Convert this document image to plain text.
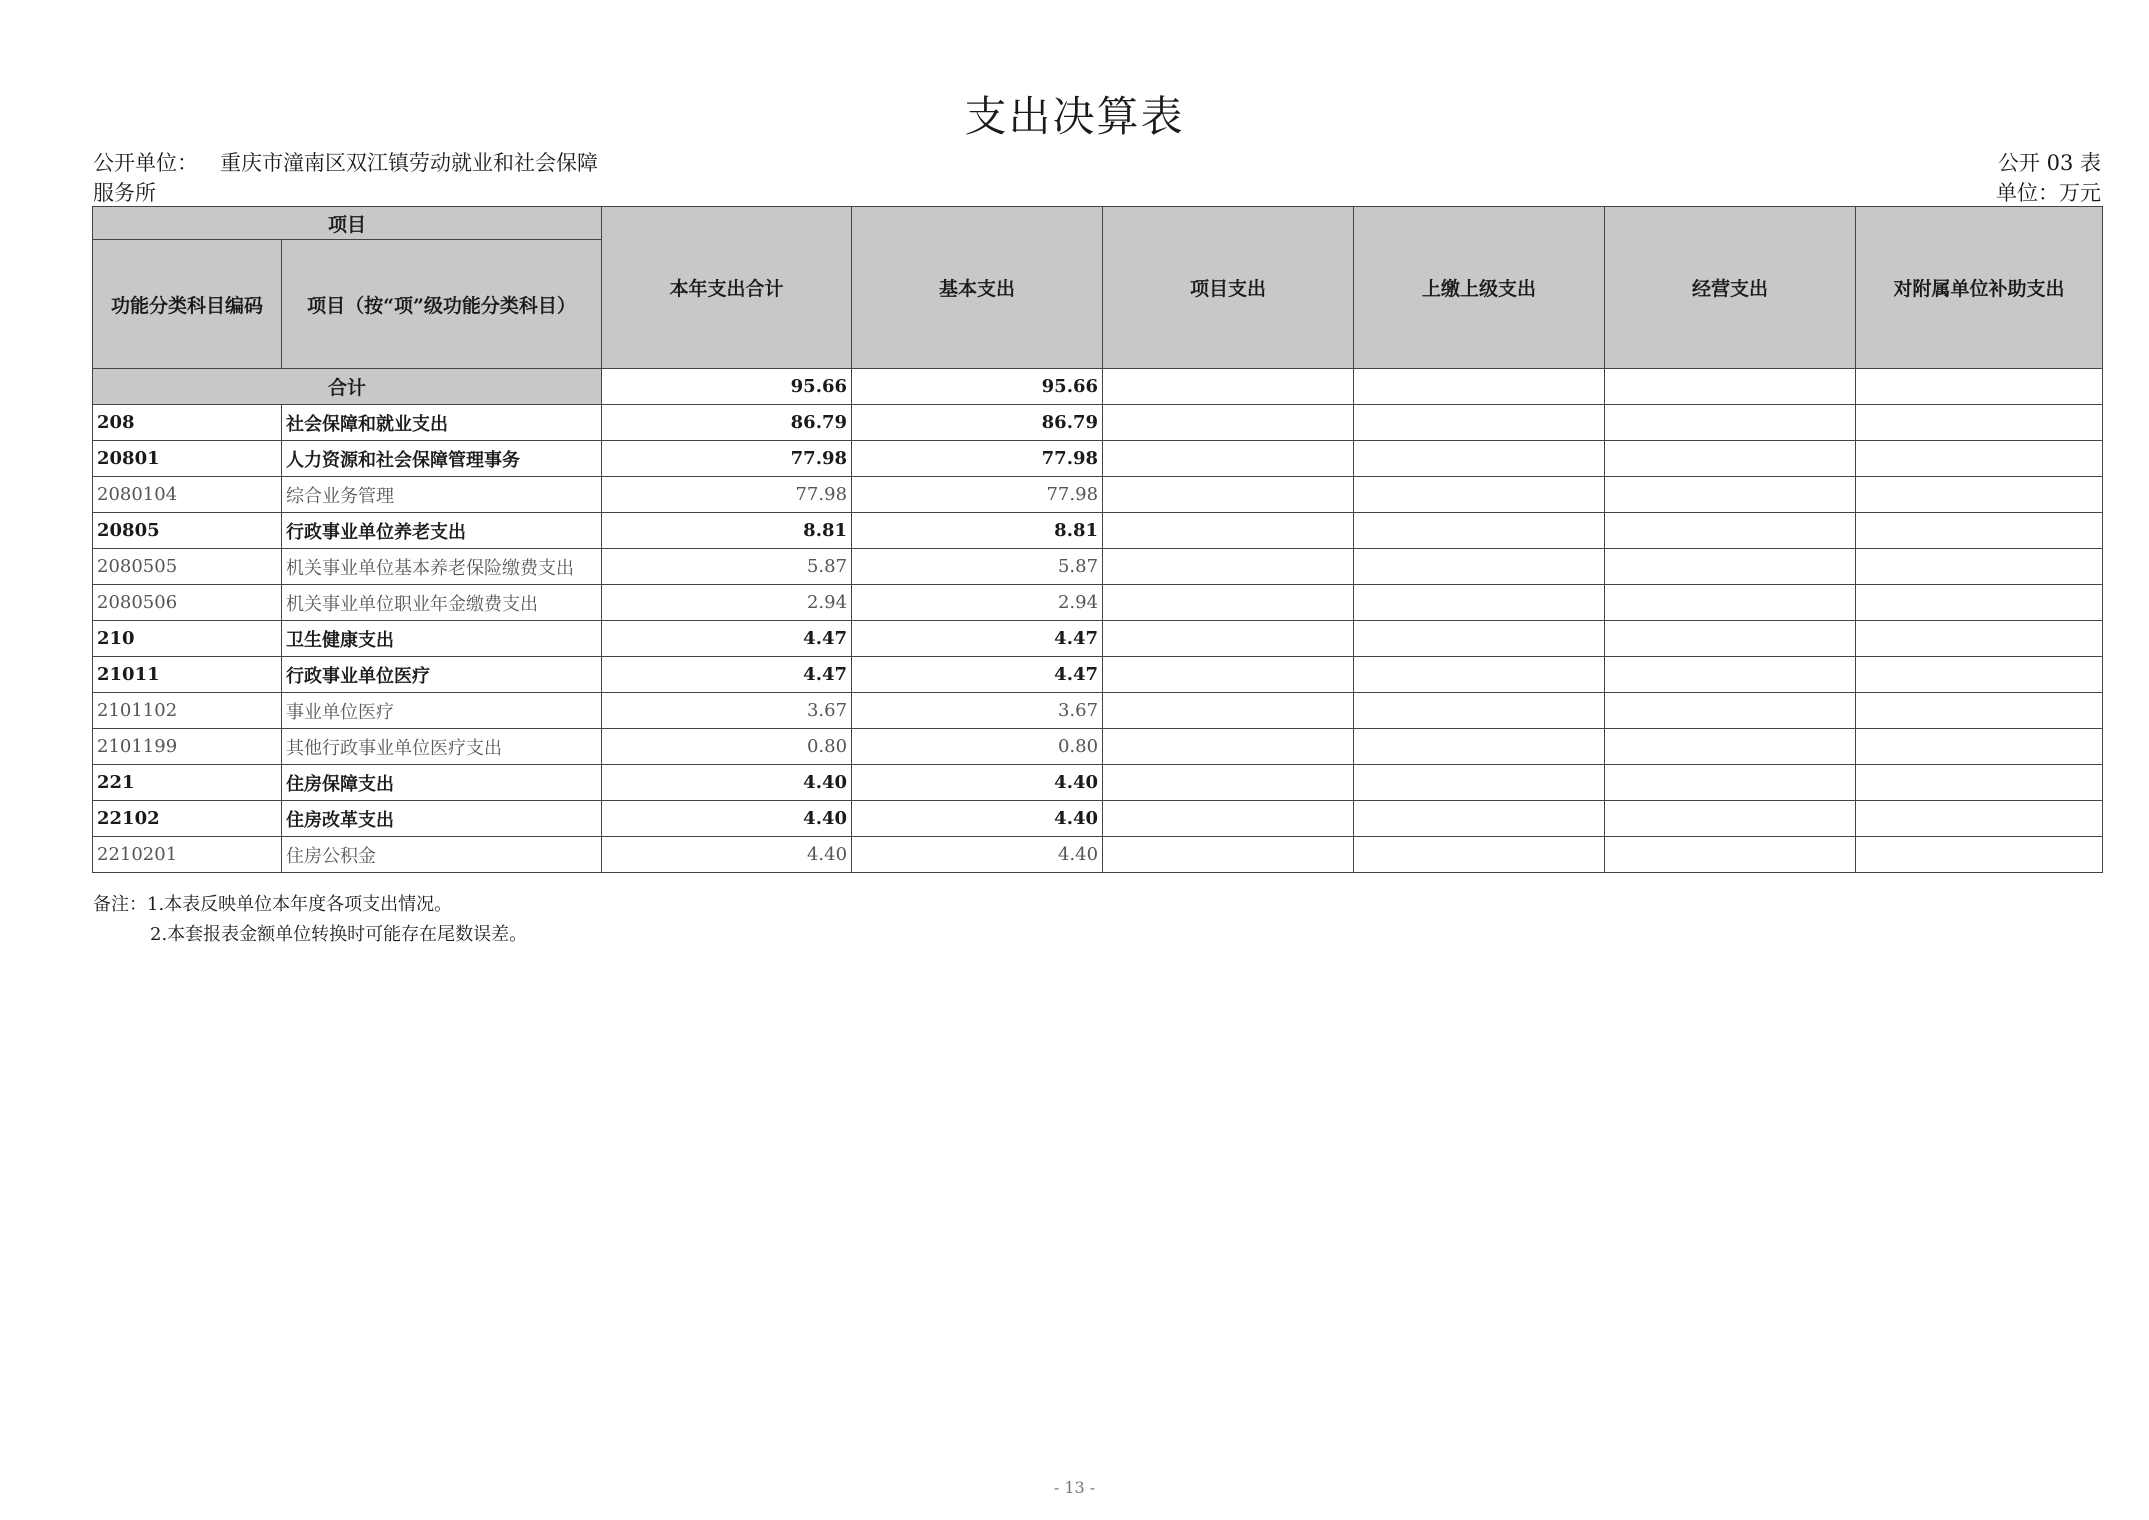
支出决算表
公开单位： 重庆市潼南区双江镇劳动就业和社会保障
服务所
公开 03 表
单位：万元
项目		本年支出合计	基本支出	项目支出	上缴上级支出	经营支出	对附属单位补助支出
功能分类科目编码	项目（按“项”级功能分类科目）						
合计		95.66	95.66				
208	社会保障和就业支出	86.79	86.79				
20801	人力资源和社会保障管理事务	77.98	77.98				
2080104	综合业务管理	77.98	77.98				
20805	行政事业单位养老支出	8.81	8.81				
2080505	机关事业单位基本养老保险缴费支出	5.87	5.87				
2080506	机关事业单位职业年金缴费支出	2.94	2.94				
210	卫生健康支出	4.47	4.47				
21011	行政事业单位医疗	4.47	4.47				
2101102	事业单位医疗	3.67	3.67				
2101199	其他行政事业单位医疗支出	0.80	0.80				
221	住房保障支出	4.40	4.40				
22102	住房改革支出	4.40	4.40				
2210201	住房公积金	4.40	4.40				
备注：1.本表反映单位本年度各项支出情况。
2.本套报表金额单位转换时可能存在尾数误差。
- 13 -
